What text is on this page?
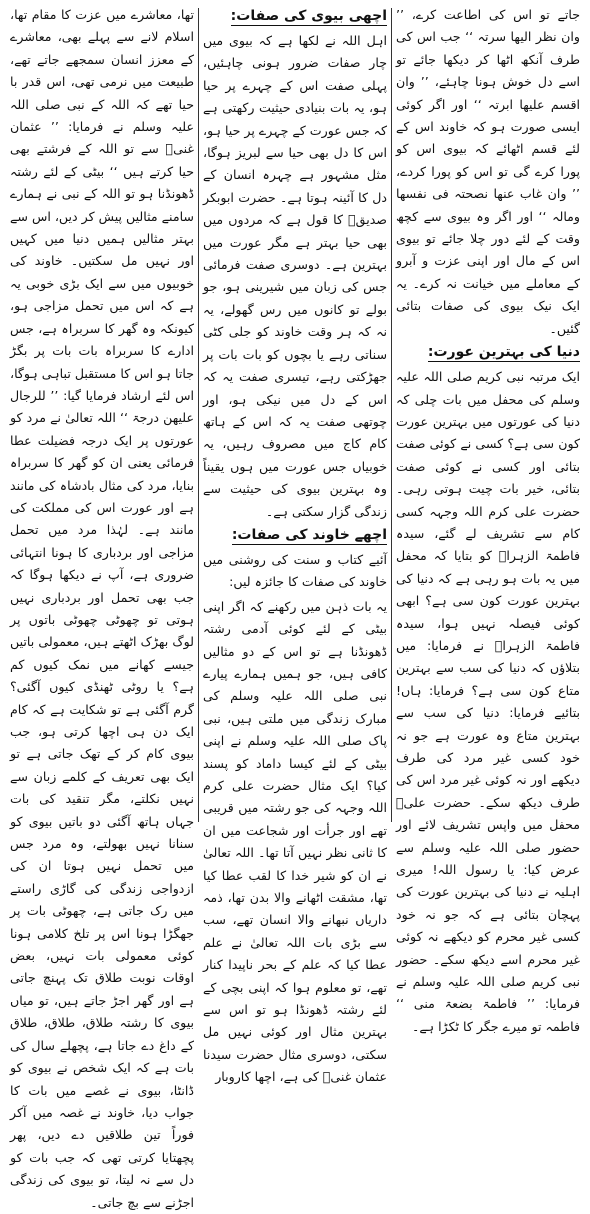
جاتے تو اس کی اطاعت کرے، ’’ وان نظر الیھا سرتہ ‘‘ جب اس کی طرف آنکھ اٹھا کر دیکھا جائے تو اسے دل خوش ہونا چاہئے، ’’ وان اقسم علیھا ابرتہ ‘‘ اور اگر کوئی ایسی صورت ہو کہ خاوند اس کے لئے قسم اٹھائے کہ بیوی اس کو پورا کرے گی تو اس کو پورا کردے، ’’ وان غاب عنھا نصحتہ فی نفسھا ومالہ ‘‘ اور اگر وہ بیوی سے کچھ وقت کے لئے دور چلا جائے تو بیوی اس کے مال اور اپنی عزت و آبرو کے معاملے میں خیانت نہ کرے۔ یہ ایک نیک بیوی کی صفات بتائی گئیں۔

دنیا کی بہترین عورت:

ایک مرتبہ نبی کریم صلی اللہ علیہ وسلم کی محفل میں بات چلی کہ دنیا کی عورتوں میں بہترین عورت کون سی ہے؟ کسی نے کوئی صفت بتائی اور کسی نے کوئی صفت بتائی، خیر بات چیت ہوتی رہی۔ حضرت علی کرم اللہ وجہہ کسی کام سے تشریف لے گئے، سیدہ فاطمۃ الزہراؓ کو بتایا کہ محفل میں یہ بات ہو رہی ہے کہ دنیا کی بہترین عورت کون سی ہے؟ ابھی کوئی فیصلہ نہیں ہوا، سیدہ فاطمۃ الزہراؓ نے فرمایا: میں بتلاؤں کہ دنیا کی سب سے بہترین متاع کون سی ہے؟ فرمایا: ہاں! بتائیے فرمایا: دنیا کی سب سے بہترین متاع وہ عورت ہے جو نہ خود کسی غیر مرد کی طرف دیکھے اور نہ کوئی غیر مرد اس کی طرف دیکھ سکے۔ حضرت علیؓ محفل میں واپس تشریف لائے اور حضور صلی اللہ علیہ وسلم سے عرض کیا: یا رسول اللہ! میری اہلیہ نے دنیا کی بہترین عورت کی پہچان بتائی ہے کہ جو نہ خود کسی غیر محرم کو دیکھے نہ کوئی غیر محرم اسے دیکھ سکے۔ حضور نبی کریم صلی اللہ علیہ وسلم نے فرمایا: ’’ فاطمۃ بضعۃ منی ‘‘ فاطمہ تو میرے جگر کا ٹکڑا ہے۔

اچھی بیوی کی صفات:

اہل اللہ نے لکھا ہے کہ بیوی میں چار صفات ضرور ہونی چاہئیں، پہلی صفت اس کے چہرے پر حیا ہو، یہ بات بنیادی حیثیت رکھتی ہے کہ جس عورت کے چہرے پر حیا ہو، اس کا دل بھی حیا سے لبریز ہوگا، مثل مشہور ہے چہرہ انسان کے دل کا آئینہ ہوتا ہے۔ حضرت ابوبکر صدیقؓ کا قول ہے کہ مردوں میں بھی حیا بہتر ہے مگر عورت میں بہترین ہے۔ دوسری صفت فرمائی جس کی زبان میں شیرینی ہو، جو بولے تو کانوں میں رس گھولے، یہ نہ کہ ہر وقت خاوند کو جلی کٹی سناتی رہے یا بچوں کو بات بات پر جھڑکتی رہے، تیسری صفت یہ کہ اس کے دل میں نیکی ہو، اور چوتھی صفت یہ کہ اس کے ہاتھ کام کاج میں مصروف رہیں، یہ خوبیاں جس عورت میں ہوں یقیناً وہ بہترین بیوی کی حیثیت سے زندگی گزار سکتی ہے۔

اچھے خاوند کی صفات:

آئیے کتاب و سنت کی روشنی میں خاوند کی صفات کا جائزہ لیں:

یہ بات ذہن میں رکھنے کہ اگر اپنی بیٹی کے لئے کوئی آدمی رشتہ ڈھونڈنا ہے تو اس کے دو مثالیں کافی ہیں، جو ہمیں ہمارے پیارے نبی صلی اللہ علیہ وسلم کی مبارک زندگی میں ملتی ہیں، نبی پاک صلی اللہ علیہ وسلم نے اپنی بیٹی کے لئے کیسا داماد کو پسند کیا؟ ایک مثال حضرت علی کرم اللہ وجہہ کی جو رشتہ میں قریبی تھے اور جرأت اور شجاعت میں ان کا ثانی نظر نہیں آتا تھا۔ اللہ تعالیٰ نے ان کو شیر خدا کا لقب عطا کیا تھا، مشقت اٹھانے والا بدن تھا، ذمہ داریاں نبھانے والا انسان تھے، سب سے بڑی بات اللہ تعالیٰ نے علم عطا کیا کہ علم کے بحر ناپیدا کنار تھے، تو معلوم ہوا کہ اپنی بچی کے لئے رشتہ ڈھونڈا ہو تو اس سے بہترین مثال اور کوئی نہیں مل سکتی، دوسری مثال حضرت سیدنا عثمان غنیؓ کی ہے، اچھا کاروبار

تھا، معاشرے میں عزت کا مقام تھا، اسلام لانے سے پہلے بھی، معاشرے کے معزز انسان سمجھے جاتے تھے، طبیعت میں نرمی تھی، اس قدر با حیا تھے کہ اللہ کے نبی صلی اللہ علیہ وسلم نے فرمایا: ’’ عثمان غنیؓ سے تو اللہ کے فرشتے بھی حیا کرتے ہیں ‘‘ بیٹی کے لئے رشتہ ڈھونڈنا ہو تو اللہ کے نبی نے ہمارے سامنے مثالیں پیش کر دیں، اس سے بہتر مثالیں ہمیں دنیا میں کہیں اور نہیں مل سکتیں۔ خاوند کی خوبیوں میں سے ایک بڑی خوبی یہ ہے کہ اس میں تحمل مزاجی ہو، کیونکہ وہ گھر کا سربراہ ہے، جس ادارے کا سربراہ بات بات پر بگڑ جاتا ہو اس کا مستقبل تباہی ہوگا، اس لئے ارشاد فرمایا گیا: ’’ للرجال علیھن درجۃ ‘‘ اللہ تعالیٰ نے مرد کو عورتوں پر ایک درجہ فضیلت عطا فرمائی یعنی ان کو گھر کا سربراہ بنایا، مرد کی مثال بادشاہ کی مانند ہے اور عورت اس کی مملکت کی مانند ہے۔ لہٰذا مرد میں تحمل مزاجی اور بردباری کا ہونا انتہائی ضروری ہے، آپ نے دیکھا ہوگا کہ جب بھی تحمل اور بردباری نہیں ہوتی تو چھوٹی چھوٹی باتوں پر لوگ بھڑک اٹھتے ہیں، معمولی باتیں جیسے کھانے میں نمک کیوں کم ہے؟ یا روٹی ٹھنڈی کیوں آگئی؟ گرم آگئی ہے تو شکایت ہے کہ کام ایک دن ہی اچھا کرتی ہو، جب بیوی کام کر کے تھک جاتی ہے تو ایک بھی تعریف کے کلمے زبان سے نہیں نکلتے، مگر تنقید کی بات جہاں ہاتھ آگئی دو باتیں بیوی کو سنانا نہیں بھولتے، وہ مرد جس میں تحمل نہیں ہوتا ان کی ازدواجی زندگی کی گاڑی راستے میں رک جاتی ہے، چھوٹی بات پر جھگڑا ہونا اس پر تلخ کلامی ہونا کوئی معمولی بات نہیں، بعض اوقات نوبت طلاق تک پہنچ جاتی ہے اور گھر اجڑ جاتے ہیں، تو میاں بیوی کا رشتہ طلاق، طلاق، طلاق کے داغ دے جاتا ہے، پچھلے سال کی بات ہے کہ ایک شخص نے بیوی کو ڈانٹا، بیوی نے غصے میں بات کا جواب دیا، خاوند نے غصہ میں آکر فوراً تین طلاقیں دے دیں، پھر پچھتایا کرتی تھی کہ جب بات کو دل سے نہ لیتا، تو بیوی کی زندگی اجڑنے سے بچ جاتی۔
